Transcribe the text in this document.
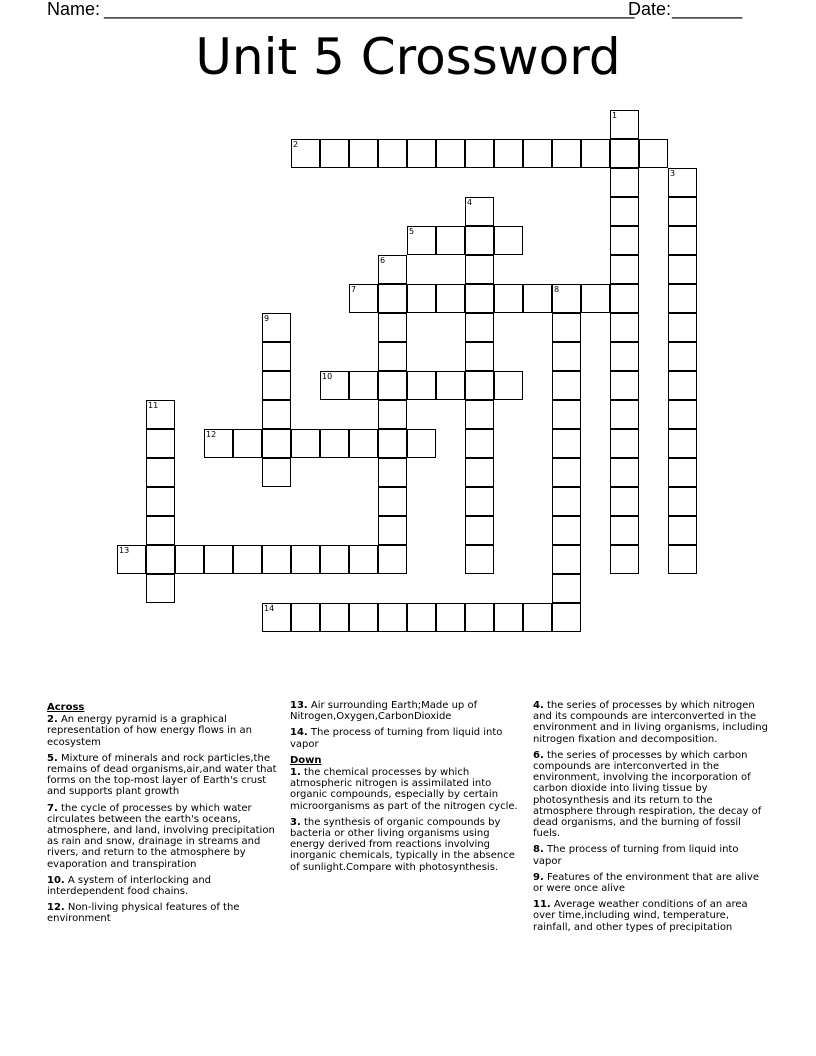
Name:
_____________________________________________________
Date:
_______
Unit 5 Crossword
1
2
3
4
5
6
7	8
9
10
11
12
13
14
Across
2. An energy pyramid is a graphical representation of how energy flows in an ecosystem
5. Mixture of minerals and rock particles,the remains of dead organisms,air,and water that forms on the top-most layer of Earth's crust and supports plant growth
7. the cycle of processes by which water circulates between the earth's oceans, atmosphere, and land, involving precipitation as rain and snow, drainage in streams and rivers, and return to the atmosphere by evaporation and transpiration
10. A system of interlocking and interdependent food chains.
12. Non-living physical features of the environment
13. Air surrounding Earth;Made up of Nitrogen,Oxygen,CarbonDioxide
14. The process of turning from liquid into vapor
Down
1. the chemical processes by which atmospheric nitrogen is assimilated into organic compounds, especially by certain microorganisms as part of the nitrogen cycle.
3. the synthesis of organic compounds by bacteria or other living organisms using energy derived from reactions involving inorganic chemicals, typically in the absence of sunlight.Compare with photosynthesis.
4. the series of processes by which nitrogen and its compounds are interconverted in the environment and in living organisms, including nitrogen fixation and decomposition.
6. the series of processes by which carbon compounds are interconverted in the environment, involving the incorporation of carbon dioxide into living tissue by photosynthesis and its return to the atmosphere through respiration, the decay of dead organisms, and the burning of fossil fuels.
8. The process of turning from liquid into vapor
9. Features of the environment that are alive or were once alive
11. Average weather conditions of an area over time,including wind, temperature, rainfall, and other types of precipitation
